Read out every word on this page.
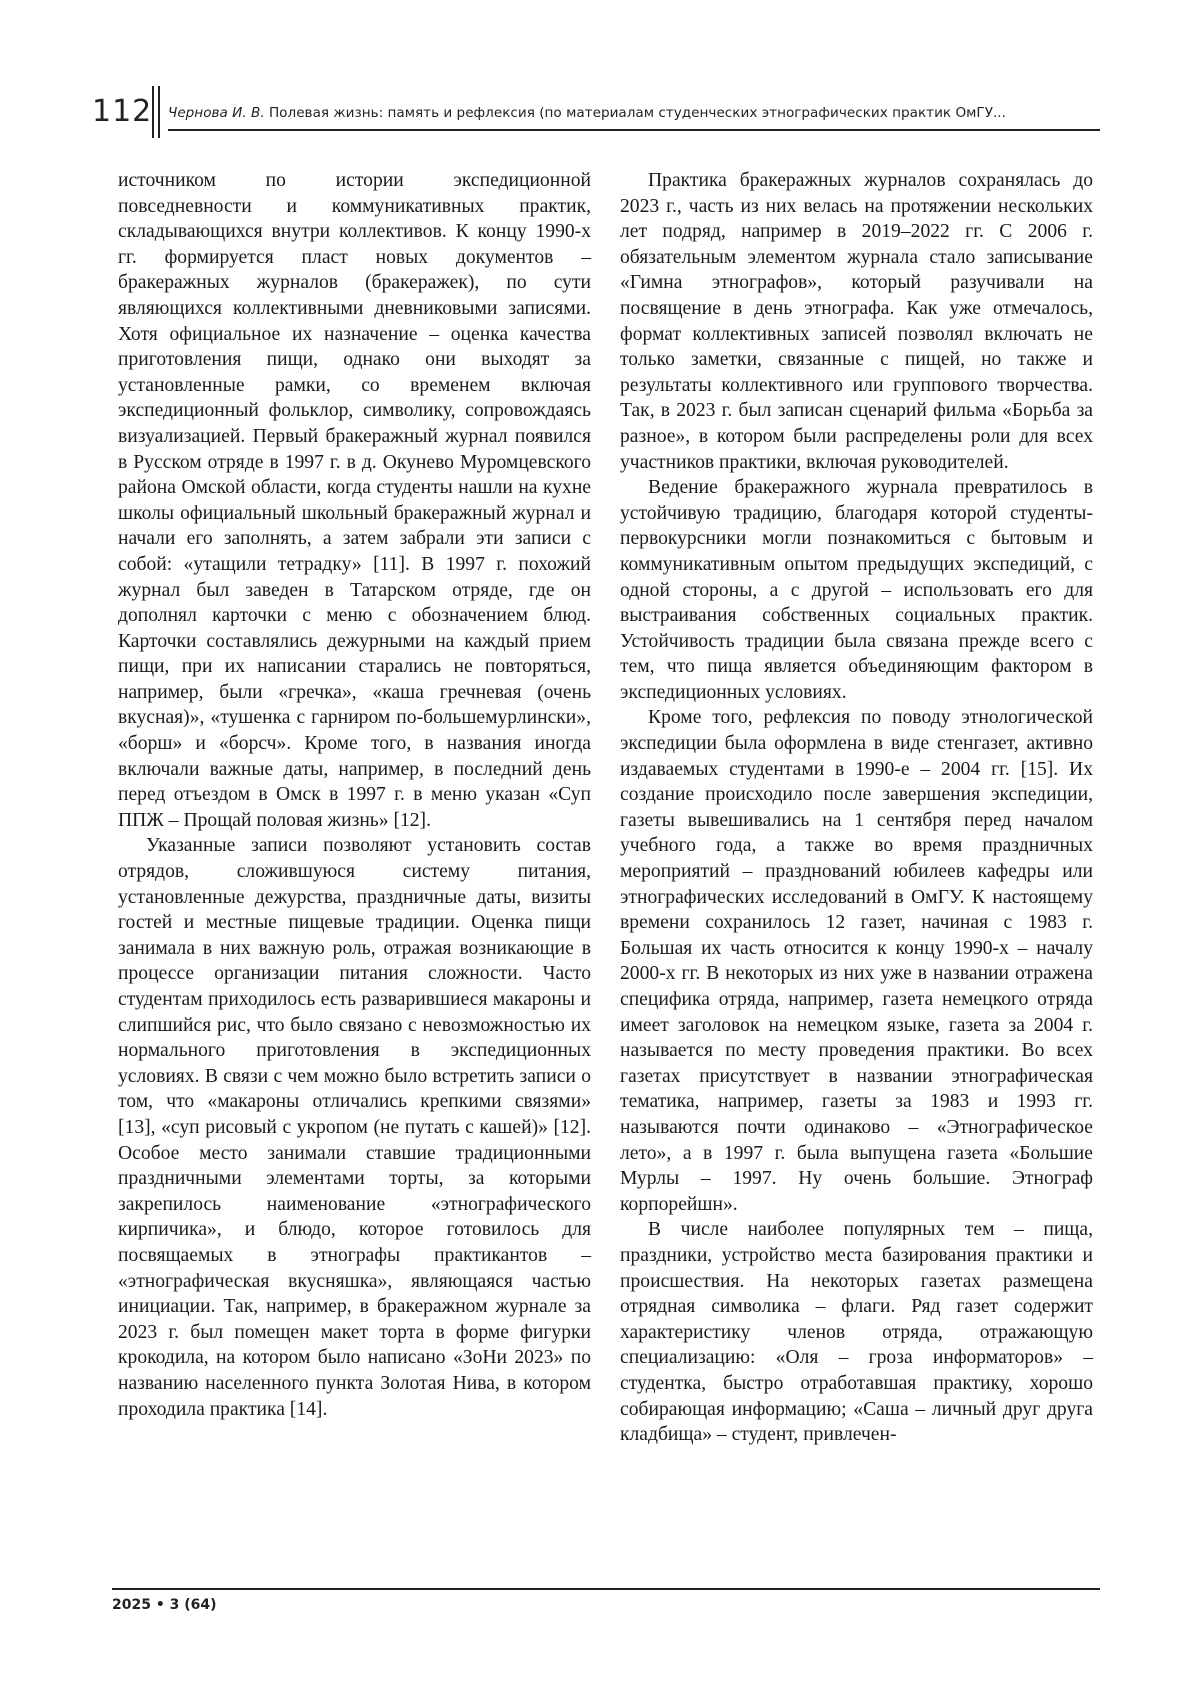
112 Чернова И. В. Полевая жизнь: память и рефлексия (по материалам студенческих этнографических практик ОмГУ...

источником по истории экспедиционной повседневности и коммуникативных практик, складывающихся внутри коллективов. К концу 1990-х гг. формируется пласт новых документов – бракеражных журналов (бракеражек), по сути являющихся коллективными дневниковыми записями. Хотя официальное их назначение – оценка качества приготовления пищи, однако они выходят за установленные рамки, со временем включая экспедиционный фольклор, символику, сопровождаясь визуализацией. Первый бракеражный журнал появился в Русском отряде в 1997 г. в д. Окунево Муромцевского района Омской области, когда студенты нашли на кухне школы официальный школьный бракеражный журнал и начали его заполнять, а затем забрали эти записи с собой: «утащили тетрадку» [11]. В 1997 г. похожий журнал был заведен в Татарском отряде, где он дополнял карточки с меню с обозначением блюд. Карточки составлялись дежурными на каждый прием пищи, при их написании старались не повторяться, например, были «гречка», «каша гречневая (очень вкусная)», «тушенка с гарниром по-большемурлински», «борш» и «борсч». Кроме того, в названия иногда включали важные даты, например, в последний день перед отъездом в Омск в 1997 г. в меню указан «Суп ППЖ – Прощай половая жизнь» [12].

Указанные записи позволяют установить состав отрядов, сложившуюся систему питания, установленные дежурства, праздничные даты, визиты гостей и местные пищевые традиции. Оценка пищи занимала в них важную роль, отражая возникающие в процессе организации питания сложности. Часто студентам приходилось есть разварившиеся макароны и слипшийся рис, что было связано с невозможностью их нормального приготовления в экспедиционных условиях. В связи с чем можно было встретить записи о том, что «макароны отличались крепкими связями» [13], «суп рисовый с укропом (не путать с кашей)» [12]. Особое место занимали ставшие традиционными праздничными элементами торты, за которыми закрепилось наименование «этнографического кирпичика», и блюдо, которое готовилось для посвящаемых в этнографы практикантов – «этнографическая вкусняшка», являющаяся частью инициации. Так, например, в бракеражном журнале за 2023 г. был помещен макет торта в форме фигурки крокодила, на котором было написано «ЗоНи 2023» по названию населенного пункта Золотая Нива, в котором проходила практика [14].

Практика бракеражных журналов сохранялась до 2023 г., часть из них велась на протяжении нескольких лет подряд, например в 2019–2022 гг. С 2006 г. обязательным элементом журнала стало записывание «Гимна этнографов», который разучивали на посвящение в день этнографа. Как уже отмечалось, формат коллективных записей позволял включать не только заметки, связанные с пищей, но также и результаты коллективного или группового творчества. Так, в 2023 г. был записан сценарий фильма «Борьба за разное», в котором были распределены роли для всех участников практики, включая руководителей.

Ведение бракеражного журнала превратилось в устойчивую традицию, благодаря которой студенты-первокурсники могли познакомиться с бытовым и коммуникативным опытом предыдущих экспедиций, с одной стороны, а с другой – использовать его для выстраивания собственных социальных практик. Устойчивость традиции была связана прежде всего с тем, что пища является объединяющим фактором в экспедиционных условиях.

Кроме того, рефлексия по поводу этнологической экспедиции была оформлена в виде стенгазет, активно издаваемых студентами в 1990-е – 2004 гг. [15]. Их создание происходило после завершения экспедиции, газеты вывешивались на 1 сентября перед началом учебного года, а также во время праздничных мероприятий – празднований юбилеев кафедры или этнографических исследований в ОмГУ. К настоящему времени сохранилось 12 газет, начиная с 1983 г. Большая их часть относится к концу 1990-х – началу 2000-х гг. В некоторых из них уже в названии отражена специфика отряда, например, газета немецкого отряда имеет заголовок на немецком языке, газета за 2004 г. называется по месту проведения практики. Во всех газетах присутствует в названии этнографическая тематика, например, газеты за 1983 и 1993 гг. называются почти одинаково – «Этнографическое лето», а в 1997 г. была выпущена газета «Большие Мурлы – 1997. Ну очень большие. Этнограф корпорейшн».

В числе наиболее популярных тем – пища, праздники, устройство места базирования практики и происшествия. На некоторых газетах размещена отрядная символика – флаги. Ряд газет содержит характеристику членов отряда, отражающую специализацию: «Оля – гроза информаторов» – студентка, быстро отработавшая практику, хорошо собирающая информацию; «Саша – личный друг друга кладбища» – студент, привлечен-

2025 • 3 (64)
